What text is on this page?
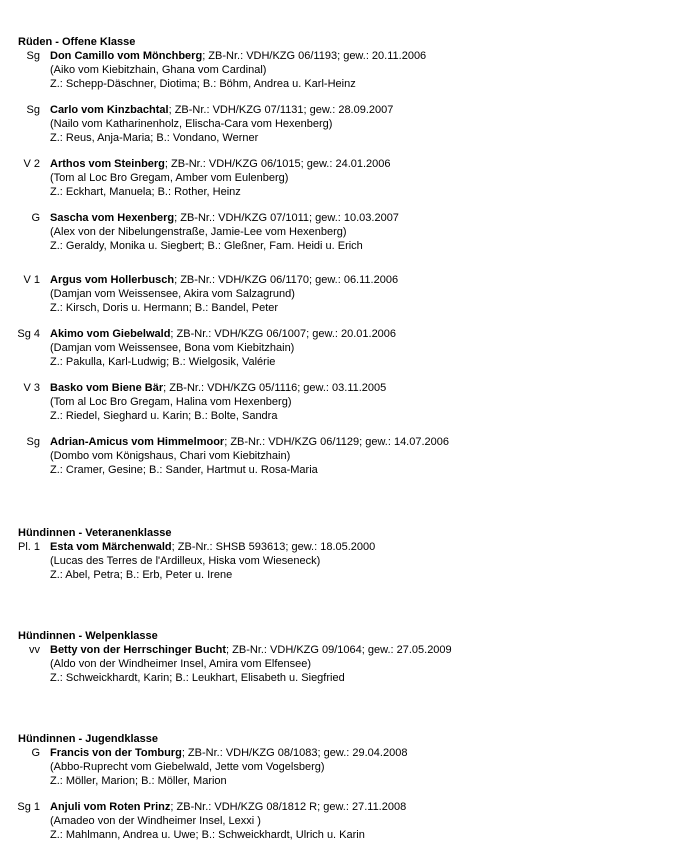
Rüden - Offene Klasse
Sg Don Camillo vom Mönchberg; ZB-Nr.: VDH/KZG 06/1193; gew.: 20.11.2006
(Aiko vom Kiebitzhain, Ghana vom Cardinal)
Z.: Schepp-Däschner, Diotima; B.: Böhm, Andrea u. Karl-Heinz
Sg Carlo vom Kinzbachtal; ZB-Nr.: VDH/KZG 07/1131; gew.: 28.09.2007
(Nailo vom Katharinenholz, Elischa-Cara vom Hexenberg)
Z.: Reus, Anja-Maria; B.: Vondano, Werner
V 2 Arthos vom Steinberg; ZB-Nr.: VDH/KZG 06/1015; gew.: 24.01.2006
(Tom al Loc Bro Gregam, Amber vom Eulenberg)
Z.: Eckhart, Manuela; B.: Rother, Heinz
G Sascha vom Hexenberg; ZB-Nr.: VDH/KZG 07/1011; gew.: 10.03.2007
(Alex von der Nibelungenstraße, Jamie-Lee vom Hexenberg)
Z.: Geraldy, Monika u. Siegbert; B.: Gleßner, Fam. Heidi u. Erich
V 1 Argus vom Hollerbusch; ZB-Nr.: VDH/KZG 06/1170; gew.: 06.11.2006
(Damjan vom Weissensee, Akira vom Salzagrund)
Z.: Kirsch, Doris u. Hermann; B.: Bandel, Peter
Sg 4 Akimo vom Giebelwald; ZB-Nr.: VDH/KZG 06/1007; gew.: 20.01.2006
(Damjan vom Weissensee, Bona vom Kiebitzhain)
Z.: Pakulla, Karl-Ludwig; B.: Wielgosik, Valérie
V 3 Basko vom Biene Bär; ZB-Nr.: VDH/KZG 05/1116; gew.: 03.11.2005
(Tom al Loc Bro Gregam, Halina vom Hexenberg)
Z.: Riedel, Sieghard u. Karin; B.: Bolte, Sandra
Sg Adrian-Amicus vom Himmelmoor; ZB-Nr.: VDH/KZG 06/1129; gew.: 14.07.2006
(Dombo vom Königshaus, Chari vom Kiebitzhain)
Z.: Cramer, Gesine; B.: Sander, Hartmut u. Rosa-Maria
Hündinnen - Veteranenklasse
Pl. 1 Esta vom Märchenwald; ZB-Nr.: SHSB 593613; gew.: 18.05.2000
(Lucas des Terres de l'Ardilleux, Hiska vom Wieseneck)
Z.: Abel, Petra; B.: Erb, Peter u. Irene
Hündinnen - Welpenklasse
vv Betty von der Herrschinger Bucht; ZB-Nr.: VDH/KZG 09/1064; gew.: 27.05.2009
(Aldo von der Windheimer Insel, Amira vom Elfensee)
Z.: Schweickhardt, Karin; B.: Leukhart, Elisabeth u. Siegfried
Hündinnen - Jugendklasse
G Francis von der Tomburg; ZB-Nr.: VDH/KZG 08/1083; gew.: 29.04.2008
(Abbo-Ruprecht vom Giebelwald, Jette vom Vogelsberg)
Z.: Möller, Marion; B.: Möller, Marion
Sg 1 Anjuli vom Roten Prinz; ZB-Nr.: VDH/KZG 08/1812 R; gew.: 27.11.2008
(Amadeo von der Windheimer Insel, Lexxi )
Z.: Mahlmann, Andrea u. Uwe; B.: Schweickhardt, Ulrich u. Karin
